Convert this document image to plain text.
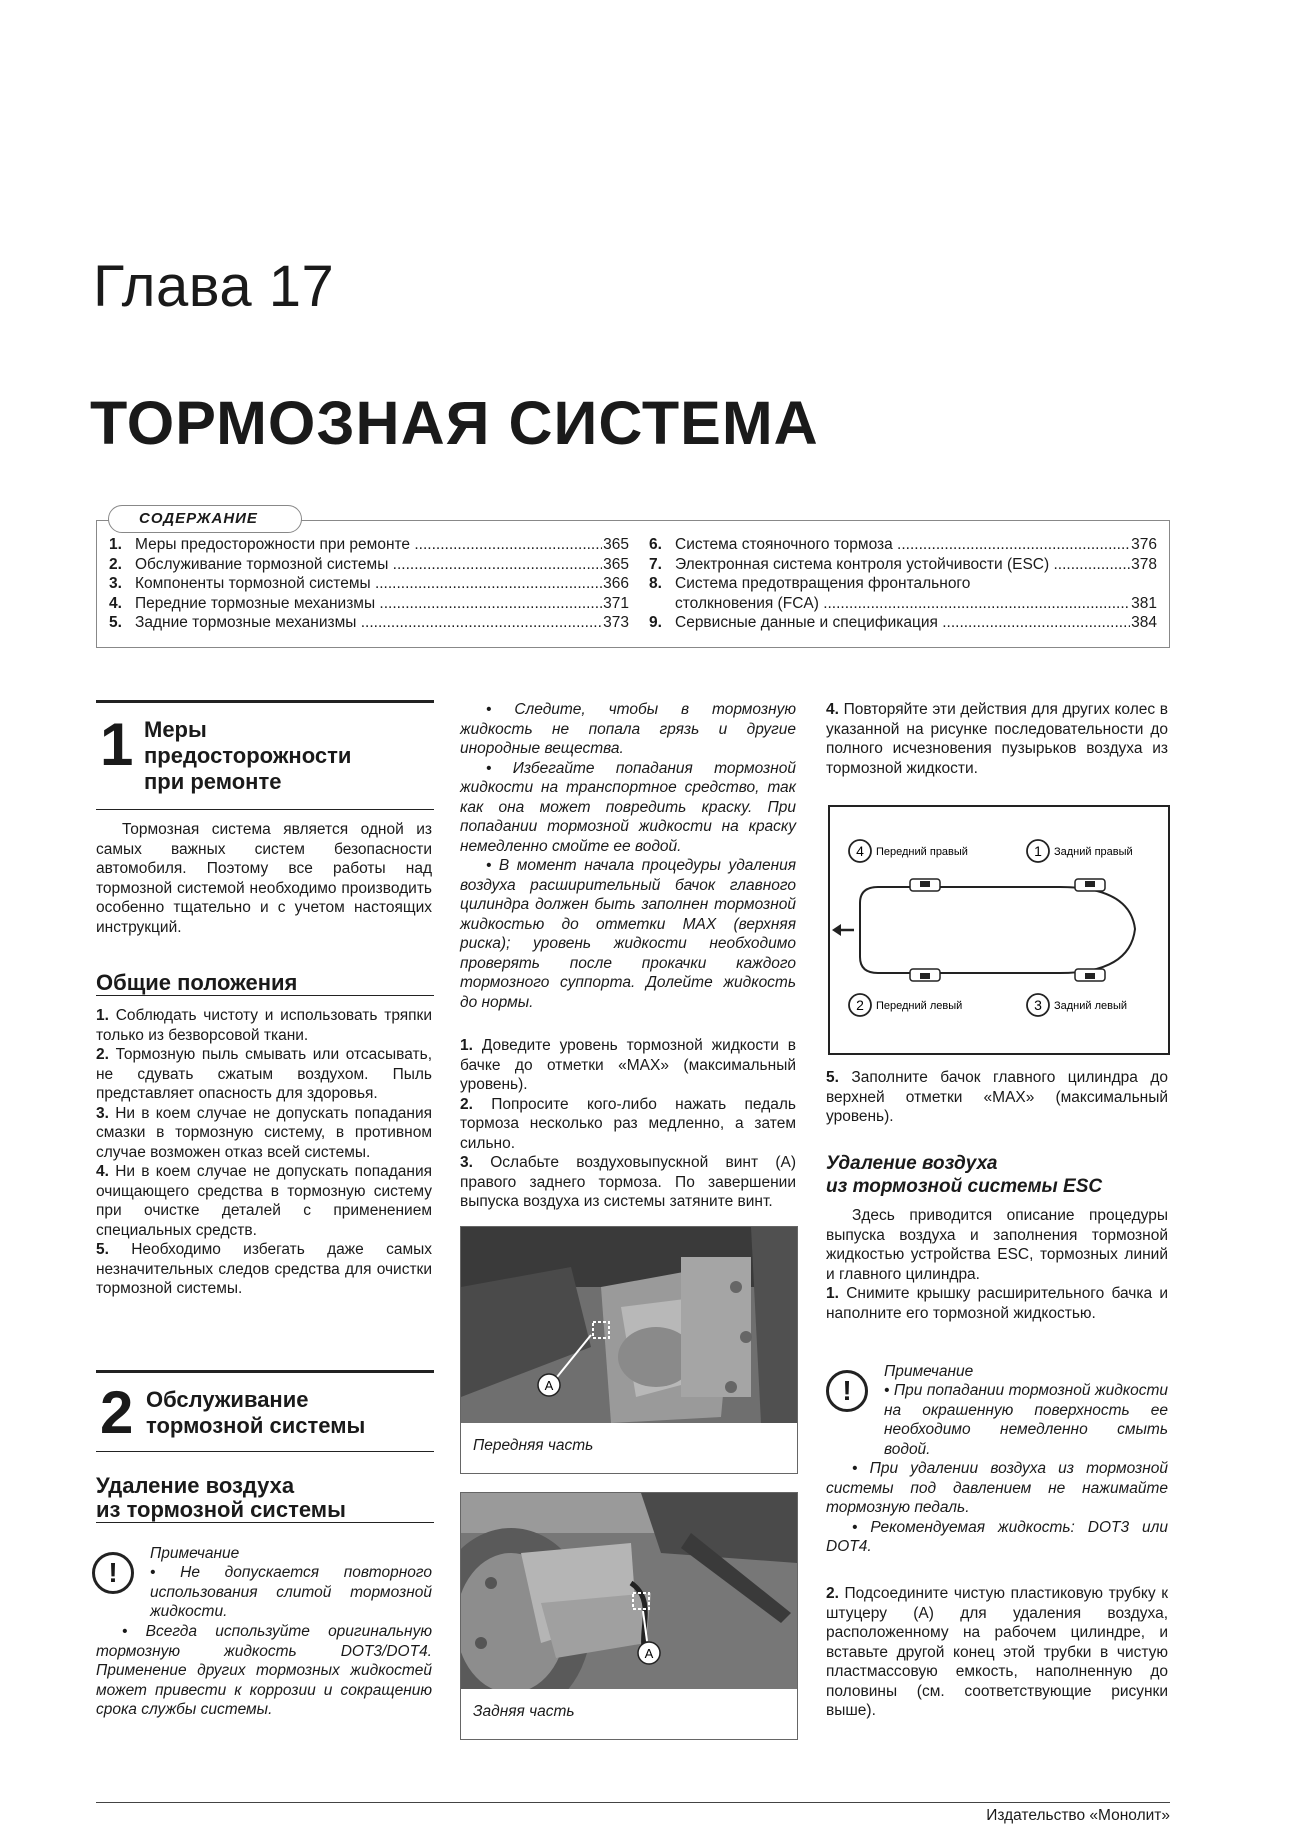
Глава 17
ТОРМОЗНАЯ СИСТЕМА
1. Меры предосторожности при ремонте .....	365
2. Обслуживание тормозной системы .....	365
3. Компоненты тормозной системы .....	366
4. Передние тормозные механизмы .....	371
5. Задние тормозные механизмы .....	373
6. Система стояночного тормоза .....	376
7. Электронная система контроля устойчивости (ESC) .....	378
8. Система предотвращения фронтального
столкновения (FCA) .....	381
9. Сервисные данные и спецификация .....	384
СОДЕРЖАНИЕ
1 Меры
предосторожности
при ремонте

Тормозная система является одной из самых важных систем безопасности автомобиля. Поэтому все работы над тормозной системой необходимо производить особенно тщательно и с учетом настоящих инструкций.

Общие положения

1. Соблюдать чистоту и использовать тряпки только из безворсовой ткани.

2. Тормозную пыль смывать или отсасывать, не сдувать сжатым воздухом. Пыль представляет опасность для здоровья.

3. Ни в коем случае не допускать попадания смазки в тормозную систему, в противном случае возможен отказ всей системы.

4. Ни в коем случае не допускать попадания очищающего средства в тормозную систему при очистке деталей с применением специальных средств.

5. Необходимо избегать даже самых незначительных следов средства для очистки тормозной системы.

2 Обслуживание
тормозной системы
Удаление воздуха
из тормозной системы
!
Примечание

• Не допускается повторного использования слитой тормозной жидкости.

• Всегда используйте оригинальную тормозную жидкость DOT3/DOT4. Применение других тормозных жидкостей может привести к коррозии и сокращению срока службы системы.

• Следите, чтобы в тормозную жидкость не попала грязь и другие инородные вещества.

• Избегайте попадания тормозной жидкости на транспортное средство, так как она может повредить краску. При попадании тормозной жидкости на краску немедленно смойте ее водой.

• В момент начала процедуры удаления воздуха расширительный бачок главного цилиндра должен быть заполнен тормозной жидкостью до отметки MAX (верхняя риска); уровень жидкости необходимо проверять после прокачки каждого тормозного суппорта. Долейте жидкость до нормы.

1. Доведите уровень тормозной жидкости в бачке до отметки «MAX» (максимальный уровень).

2. Попросите кого-либо нажать педаль тормоза несколько раз медленно, а затем сильно.

3. Ослабьте воздуховыпускной винт (А) правого заднего тормоза. По завершении выпуска воздуха из системы затяните винт.

A
Передняя часть
A
Задняя часть

4. Повторяйте эти действия для других колес в указанной на рисунке последовательности до полного исчезновения пузырьков воздуха из тормозной жидкости.

4	1
2	3
Передний правый	Задний правый
Передний левый	Задний левый

5. Заполните бачок главного цилиндра до верхней отметки «MAX» (максимальный уровень).

Удаление воздуха
из тормозной системы ESC

Здесь приводится описание процедуры выпуска воздуха и заполнения тормозной жидкостью устройства ESC, тормозных линий и главного цилиндра.

1. Снимите крышку расширительного бачка и наполните его тормозной жидкостью.

!
Примечание

• При попадании тормозной жидкости на окрашенную поверхность ее необходимо немедленно смыть водой.

• При удалении воздуха из тормозной системы под давлением не нажимайте тормозную педаль.

• Рекомендуемая жидкость: DOT3 или DOT4.

2. Подсоедините чистую пластиковую трубку к штуцеру (А) для удаления воздуха, расположенному на рабочем цилиндре, и вставьте другой конец этой трубки в чистую пластмассовую емкость, наполненную до половины (см. соответствующие рисунки выше).

Издательство «Монолит»
